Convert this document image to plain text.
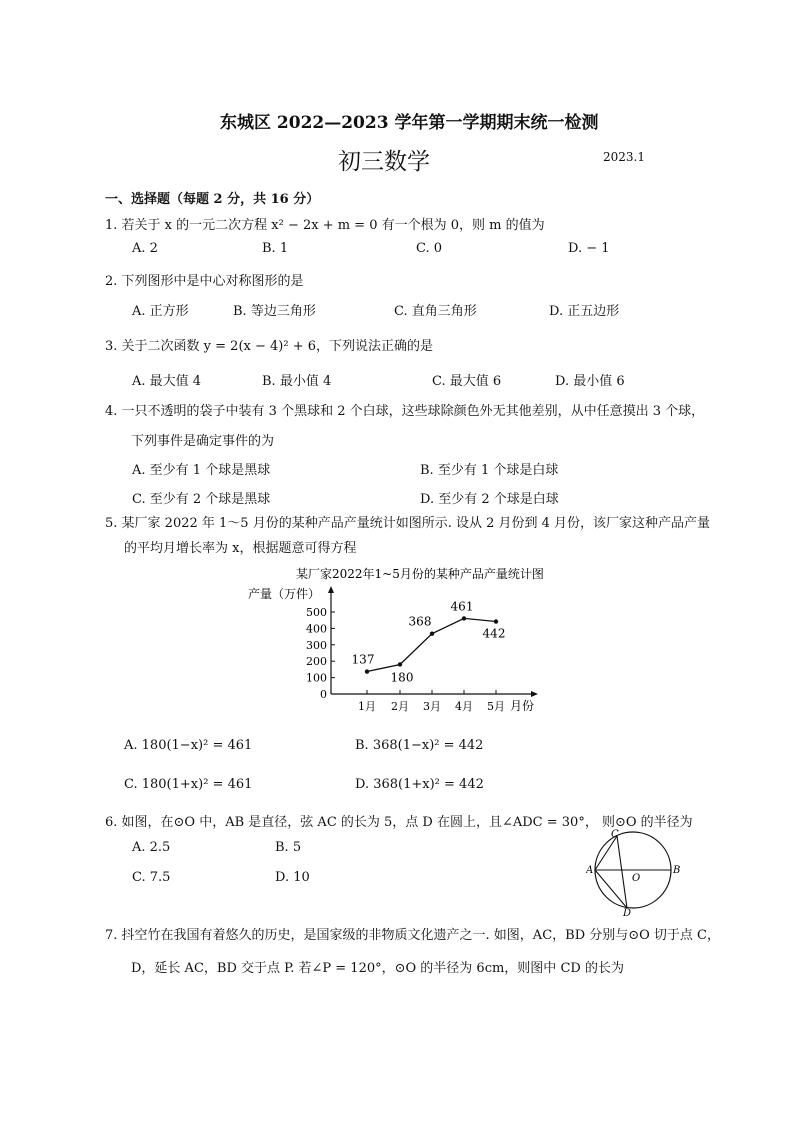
东城区 2022—2023 学年第一学期期末统一检测
初三数学	2023.1
一、选择题（每题 2 分，共 16 分）
1. 若关于 x 的一元二次方程 x² − 2x + m = 0 有一个根为 0，则 m 的值为
A. 2	B. 1	C. 0	D. − 1
2. 下列图形中是中心对称图形的是
A. 正方形	B. 等边三角形	C. 直角三角形	D. 正五边形
3. 关于二次函数 y = 2(x − 4)² + 6，下列说法正确的是
A. 最大值 4	B. 最小值 4	C. 最大值 6	D. 最小值 6
4. 一只不透明的袋子中装有 3 个黑球和 2 个白球，这些球除颜色外无其他差别，从中任意摸出 3 个球，
下列事件是确定事件的为
A. 至少有 1 个球是黑球	B. 至少有 1 个球是白球
C. 至少有 2 个球是黑球	D. 至少有 2 个球是白球
5. 某厂家 2022 年 1～5 月份的某种产品产量统计如图所示. 设从 2 月份到 4 月份，该厂家这种产品产量
的平均月增长率为 x，根据题意可得方程
某厂家2022年1~5月份的某种产品产量统计图
产量（万件）
月份
500
400
300
200
100
0
1月 2月 3月 4月 5月
137
180
368
461
442
A. 180(1−x)² = 461	B. 368(1−x)² = 442
C. 180(1+x)² = 461	D. 368(1+x)² = 442
6. 如图，在⊙O 中，AB 是直径，弦 AC 的长为 5，点 D 在圆上，且∠ADC = 30°， 则⊙O 的半径为
A. 2.5	B. 5
C. 7.5	D. 10
C
A
O
B
D
7. 抖空竹在我国有着悠久的历史，是国家级的非物质文化遗产之一. 如图，AC，BD 分别与⊙O 切于点 C，
D，延长 AC，BD 交于点 P. 若∠P = 120°，⊙O 的半径为 6cm，则图中 CD 的长为
